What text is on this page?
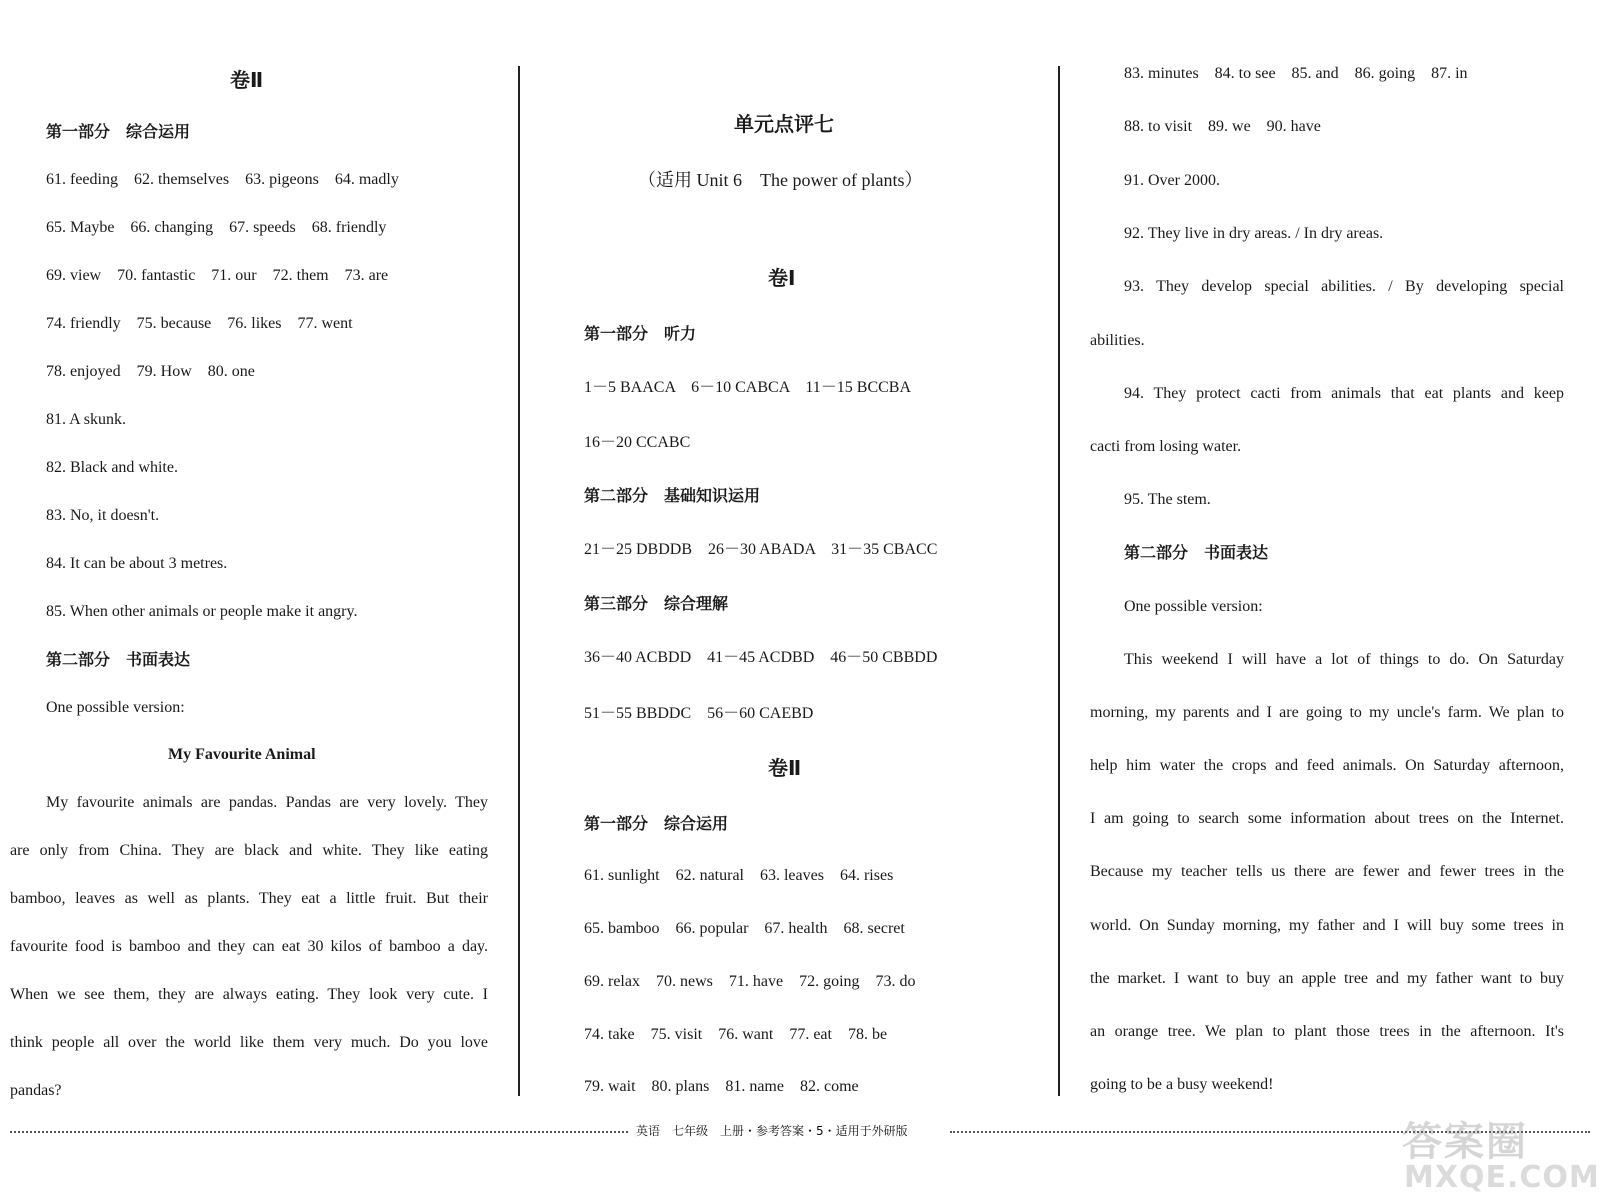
卷Ⅱ
第一部分　综合运用
61. feeding　62. themselves　63. pigeons　64. madly
65. Maybe　66. changing　67. speeds　68. friendly
69. view　70. fantastic　71. our　72. them　73. are
74. friendly　75. because　76. likes　77. went
78. enjoyed　79. How　80. one
81. A skunk.
82. Black and white.
83. No, it doesn't.
84. It can be about 3 metres.
85. When other animals or people make it angry.
第二部分　书面表达
One possible version:
My Favourite Animal
My favourite animals are pandas. Pandas are very lovely. They
are only from China. They are black and white. They like eating
bamboo, leaves as well as plants. They eat a little fruit. But their
favourite food is bamboo and they can eat 30 kilos of bamboo a day.
When we see them, they are always eating. They look very cute. I
think people all over the world like them very much. Do you love
pandas?
单元点评七
（适用 Unit 6　The power of plants）
卷Ⅰ
第一部分　听力
1－5 BAACA　6－10 CABCA　11－15 BCCBA
16－20 CCABC
第二部分　基础知识运用
21－25 DBDDB　26－30 ABADA　31－35 CBACC
第三部分　综合理解
36－40 ACBDD　41－45 ACDBD　46－50 CBBDD
51－55 BBDDC　56－60 CAEBD
卷Ⅱ
第一部分　综合运用
61. sunlight　62. natural　63. leaves　64. rises
65. bamboo　66. popular　67. health　68. secret
69. relax　70. news　71. have　72. going　73. do
74. take　75. visit　76. want　77. eat　78. be
79. wait　80. plans　81. name　82. come
83. minutes　84. to see　85. and　86. going　87. in
88. to visit　89. we　90. have
91. Over 2000.
92. They live in dry areas. / In dry areas.
93. They develop special abilities. / By developing special
abilities.
94. They protect cacti from animals that eat plants and keep
cacti from losing water.
95. The stem.
第二部分　书面表达
One possible version:
This weekend I will have a lot of things to do. On Saturday
morning, my parents and I are going to my uncle's farm. We plan to
help him water the crops and feed animals. On Saturday afternoon,
I am going to search some information about trees on the Internet.
Because my teacher tells us there are fewer and fewer trees in the
world. On Sunday morning, my father and I will buy some trees in
the market. I want to buy an apple tree and my father want to buy
an orange tree. We plan to plant those trees in the afternoon. It's
going to be a busy weekend!
英语　七年级　上册・参考答案・5・适用于外研版	答案圈
MXQE.COM
